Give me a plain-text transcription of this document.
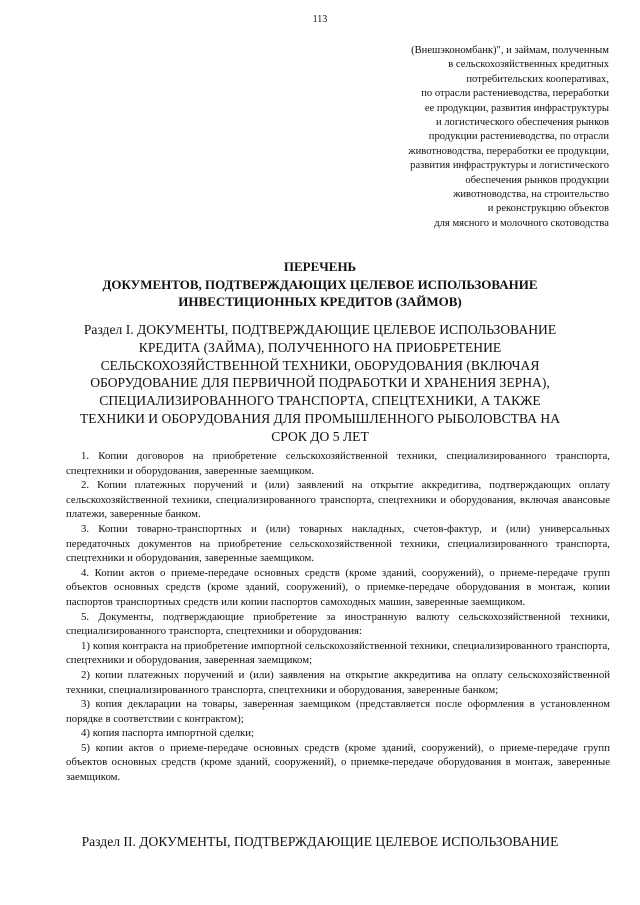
113
(Внешэкономбанк)", и займам, полученным
в сельскохозяйственных кредитных
потребительских кооперативах,
по отрасли растениеводства, переработки
ее продукции, развития инфраструктуры
и логистического обеспечения рынков
продукции растениеводства, по отрасли
животноводства, переработки ее продукции,
развития инфраструктуры и логистического
обеспечения рынков продукции
животноводства, на строительство
и реконструкцию объектов
для мясного и молочного скотоводства
ПЕРЕЧЕНЬ
ДОКУМЕНТОВ, ПОДТВЕРЖДАЮЩИХ ЦЕЛЕВОЕ ИСПОЛЬЗОВАНИЕ
ИНВЕСТИЦИОННЫХ КРЕДИТОВ (ЗАЙМОВ)
Раздел I. ДОКУМЕНТЫ, ПОДТВЕРЖДАЮЩИЕ ЦЕЛЕВОЕ ИСПОЛЬЗОВАНИЕ
КРЕДИТА (ЗАЙМА), ПОЛУЧЕННОГО НА ПРИОБРЕТЕНИЕ
СЕЛЬСКОХОЗЯЙСТВЕННОЙ ТЕХНИКИ, ОБОРУДОВАНИЯ (ВКЛЮЧАЯ
ОБОРУДОВАНИЕ ДЛЯ ПЕРВИЧНОЙ ПОДРАБОТКИ И ХРАНЕНИЯ ЗЕРНА),
СПЕЦИАЛИЗИРОВАННОГО ТРАНСПОРТА, СПЕЦТЕХНИКИ, А ТАКЖЕ
ТЕХНИКИ И ОБОРУДОВАНИЯ ДЛЯ ПРОМЫШЛЕННОГО РЫБОЛОВСТВА НА
СРОК ДО 5 ЛЕТ
1. Копии договоров на приобретение сельскохозяйственной техники, специализированного транспорта, спецтехники и оборудования, заверенные заемщиком.
2. Копии платежных поручений и (или) заявлений на открытие аккредитива, подтверждающих оплату сельскохозяйственной техники, специализированного транспорта, спецтехники и оборудования, включая авансовые платежи, заверенные банком.
3. Копии товарно-транспортных и (или) товарных накладных, счетов-фактур, и (или) универсальных передаточных документов на приобретение сельскохозяйственной техники, специализированного транспорта, спецтехники и оборудования, заверенные заемщиком.
4. Копии актов о приеме-передаче основных средств (кроме зданий, сооружений), о приеме-передаче групп объектов основных средств (кроме зданий, сооружений), о приемке-передаче оборудования в монтаж, копии паспортов транспортных средств или копии паспортов самоходных машин, заверенные заемщиком.
5. Документы, подтверждающие приобретение за иностранную валюту сельскохозяйственной техники, специализированного транспорта, спецтехники и оборудования:
1) копия контракта на приобретение импортной сельскохозяйственной техники, специализированного транспорта, спецтехники и оборудования, заверенная заемщиком;
2) копии платежных поручений и (или) заявления на открытие аккредитива на оплату сельскохозяйственной техники, специализированного транспорта, спецтехники и оборудования, заверенные банком;
3) копия декларации на товары, заверенная заемщиком (представляется после оформления в установленном порядке в соответствии с контрактом);
4) копия паспорта импортной сделки;
5) копии актов о приеме-передаче основных средств (кроме зданий, сооружений), о приеме-передаче групп объектов основных средств (кроме зданий, сооружений), о приемке-передаче оборудования в монтаж, заверенные заемщиком.
Раздел II. ДОКУМЕНТЫ, ПОДТВЕРЖДАЮЩИЕ ЦЕЛЕВОЕ ИСПОЛЬЗОВАНИЕ
